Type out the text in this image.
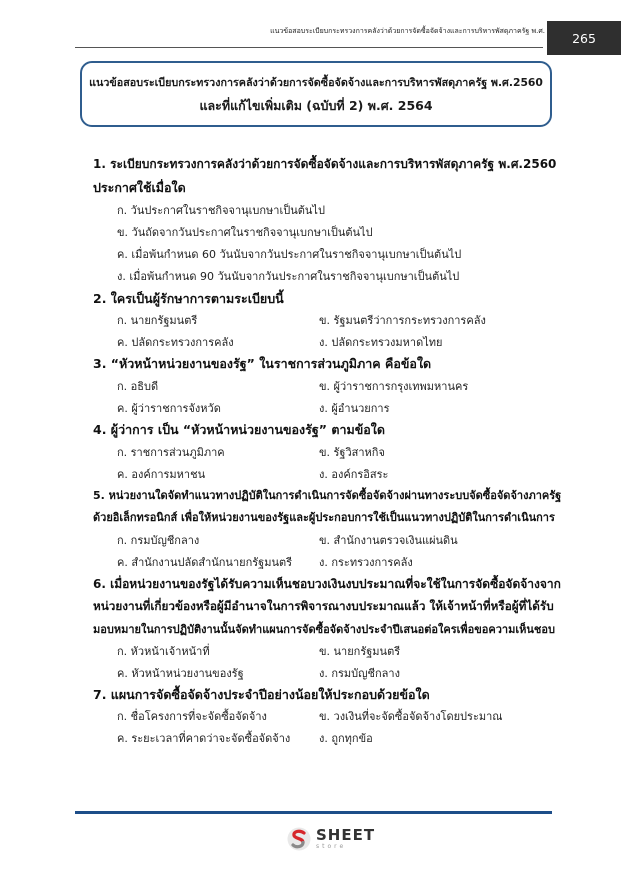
แนวข้อสอบระเบียบกระทรวงการคลังว่าด้วยการจัดซื้อจัดจ้างและการบริหารพัสดุภาครัฐ พ.ศ.	265
แนวข้อสอบระเบียบกระทรวงการคลังว่าด้วยการจัดซื้อจัดจ้างและการบริหารพัสดุภาครัฐ พ.ศ.2560
และที่แก้ไขเพิ่มเติม (ฉบับที่ 2) พ.ศ. 2564
1. ระเบียบกระทรวงการคลังว่าด้วยการจัดซื้อจัดจ้างและการบริหารพัสดุภาครัฐ พ.ศ.2560
ประกาศใช้เมื่อใด
ก. วันประกาศในราชกิจจานุเบกษาเป็นต้นไป
ข. วันถัดจากวันประกาศในราชกิจจานุเบกษาเป็นต้นไป
ค. เมื่อพ้นกำหนด 60 วันนับจากวันประกาศในราชกิจจานุเบกษาเป็นต้นไป
ง. เมื่อพ้นกำหนด 90 วันนับจากวันประกาศในราชกิจจานุเบกษาเป็นต้นไป
2. ใครเป็นผู้รักษาการตามระเบียบนี้
ก. นายกรัฐมนตรี	ข. รัฐมนตรีว่าการกระทรวงการคลัง
ค. ปลัดกระทรวงการคลัง	ง. ปลัดกระทรวงมหาดไทย
3. “หัวหน้าหน่วยงานของรัฐ” ในราชการส่วนภูมิภาค คือข้อใด
ก. อธิบดี	ข. ผู้ว่าราชการกรุงเทพมหานคร
ค. ผู้ว่าราชการจังหวัด	ง. ผู้อำนวยการ
4. ผู้ว่าการ เป็น “หัวหน้าหน่วยงานของรัฐ” ตามข้อใด
ก. ราชการส่วนภูมิภาค	ข. รัฐวิสาหกิจ
ค. องค์การมหาชน	ง. องค์กรอิสระ
5. หน่วยงานใดจัดทำแนวทางปฏิบัติในการดำเนินการจัดซื้อจัดจ้างผ่านทางระบบจัดซื้อจัดจ้างภาครัฐ
ด้วยอิเล็กทรอนิกส์ เพื่อให้หน่วยงานของรัฐและผู้ประกอบการใช้เป็นแนวทางปฏิบัติในการดำเนินการ
ก. กรมบัญชีกลาง	ข. สำนักงานตรวจเงินแผ่นดิน
ค. สำนักงานปลัดสำนักนายกรัฐมนตรี ง. กระทรวงการคลัง
6. เมื่อหน่วยงานของรัฐได้รับความเห็นชอบวงเงินงบประมาณที่จะใช้ในการจัดซื้อจัดจ้างจาก
หน่วยงานที่เกี่ยวข้องหรือผู้มีอำนาจในการพิจารณางบประมาณแล้ว ให้เจ้าหน้าที่หรือผู้ที่ได้รับ
มอบหมายในการปฏิบัติงานนั้นจัดทำแผนการจัดซื้อจัดจ้างประจำปีเสนอต่อใครเพื่อขอความเห็นชอบ
ก. หัวหน้าเจ้าหน้าที่	ข. นายกรัฐมนตรี
ค. หัวหน้าหน่วยงานของรัฐ	ง. กรมบัญชีกลาง
7. แผนการจัดซื้อจัดจ้างประจำปีอย่างน้อยให้ประกอบด้วยข้อใด
ก. ชื่อโครงการที่จะจัดซื้อจัดจ้าง	ข. วงเงินที่จะจัดซื้อจัดจ้างโดยประมาณ
ค. ระยะเวลาที่คาดว่าจะจัดซื้อจัดจ้าง	ง. ถูกทุกข้อ
SHEET
store
